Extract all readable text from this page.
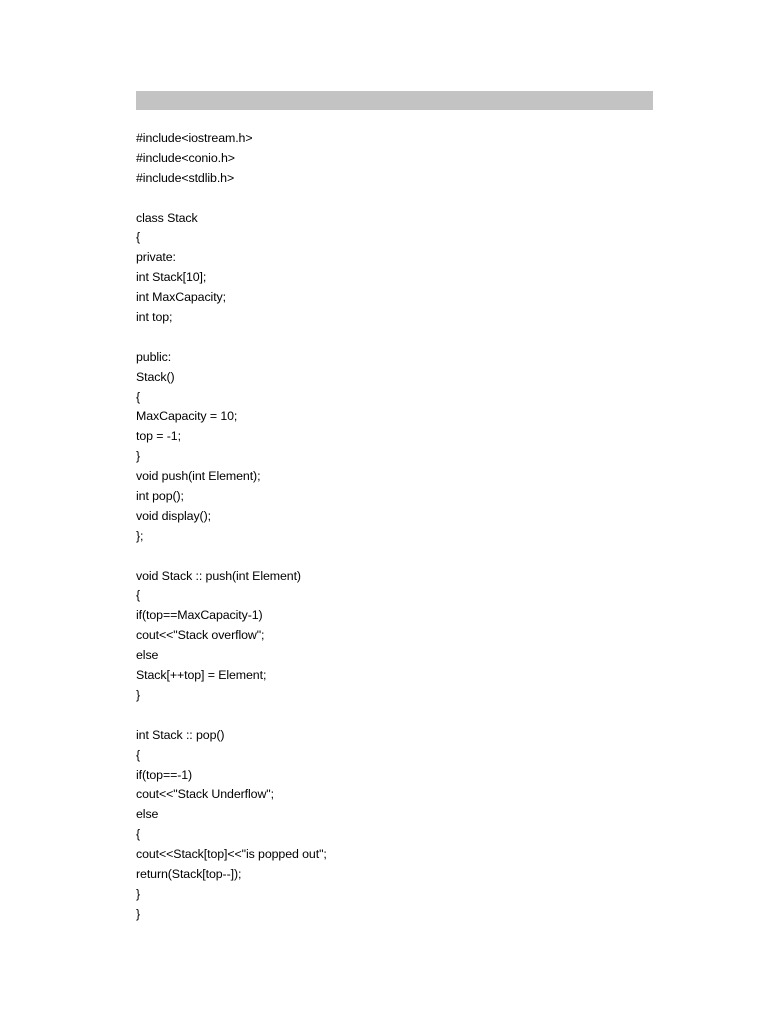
#include<iostream.h>
#include<conio.h>
#include<stdlib.h>
class Stack
{
private:
int Stack[10];
int MaxCapacity;
int top;
public:
Stack()
{
MaxCapacity = 10;
top = -1;
}
void push(int Element);
int pop();
void display();
};
void Stack :: push(int Element)
{
if(top==MaxCapacity-1)
cout<<"Stack overflow";
else
Stack[++top] = Element;
}
int Stack :: pop()
{
if(top==-1)
cout<<"Stack Underflow";
else
{
cout<<Stack[top]<<"is popped out";
return(Stack[top--]);
}
}
